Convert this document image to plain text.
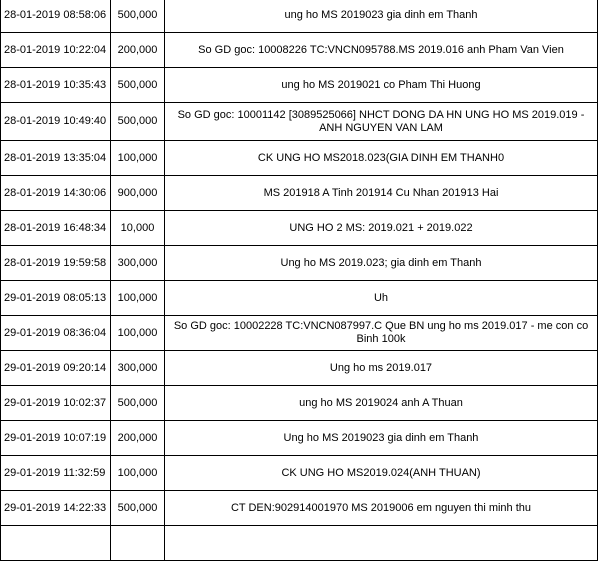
28-01-2019 08:58:06	500,000	ung ho MS 2019023 gia dinh em Thanh
28-01-2019 10:22:04	200,000	So GD goc: 10008226 TC:VNCN095788.MS 2019.016 anh Pham Van Vien
28-01-2019 10:35:43	500,000	ung ho MS 2019021 co Pham Thi Huong
28-01-2019 10:49:40	500,000	So GD goc: 10001142 [3089525066] NHCT DONG DA HN UNG HO MS 2019.019 - ANH NGUYEN VAN LAM
28-01-2019 13:35:04	100,000	CK UNG HO MS2018.023(GIA DINH EM THANH0
28-01-2019 14:30:06	900,000	MS 201918 A Tinh 201914 Cu Nhan 201913 Hai
28-01-2019 16:48:34	10,000	UNG HO 2 MS: 2019.021 + 2019.022
28-01-2019 19:59:58	300,000	Ung ho MS 2019.023; gia dinh em Thanh
29-01-2019 08:05:13	100,000	Uh
29-01-2019 08:36:04	100,000	So GD goc: 10002228 TC:VNCN087997.C Que BN ung ho ms 2019.017 - me con co Binh 100k
29-01-2019 09:20:14	300,000	Ung ho ms 2019.017
29-01-2019 10:02:37	500,000	ung ho MS 2019024 anh A Thuan
29-01-2019 10:07:19	200,000	Ung ho MS 2019023 gia dinh em Thanh
29-01-2019 11:32:59	100,000	CK UNG HO MS2019.024(ANH THUAN)
29-01-2019 14:22:33	500,000	CT DEN:902914001970 MS 2019006 em nguyen thi minh thu
